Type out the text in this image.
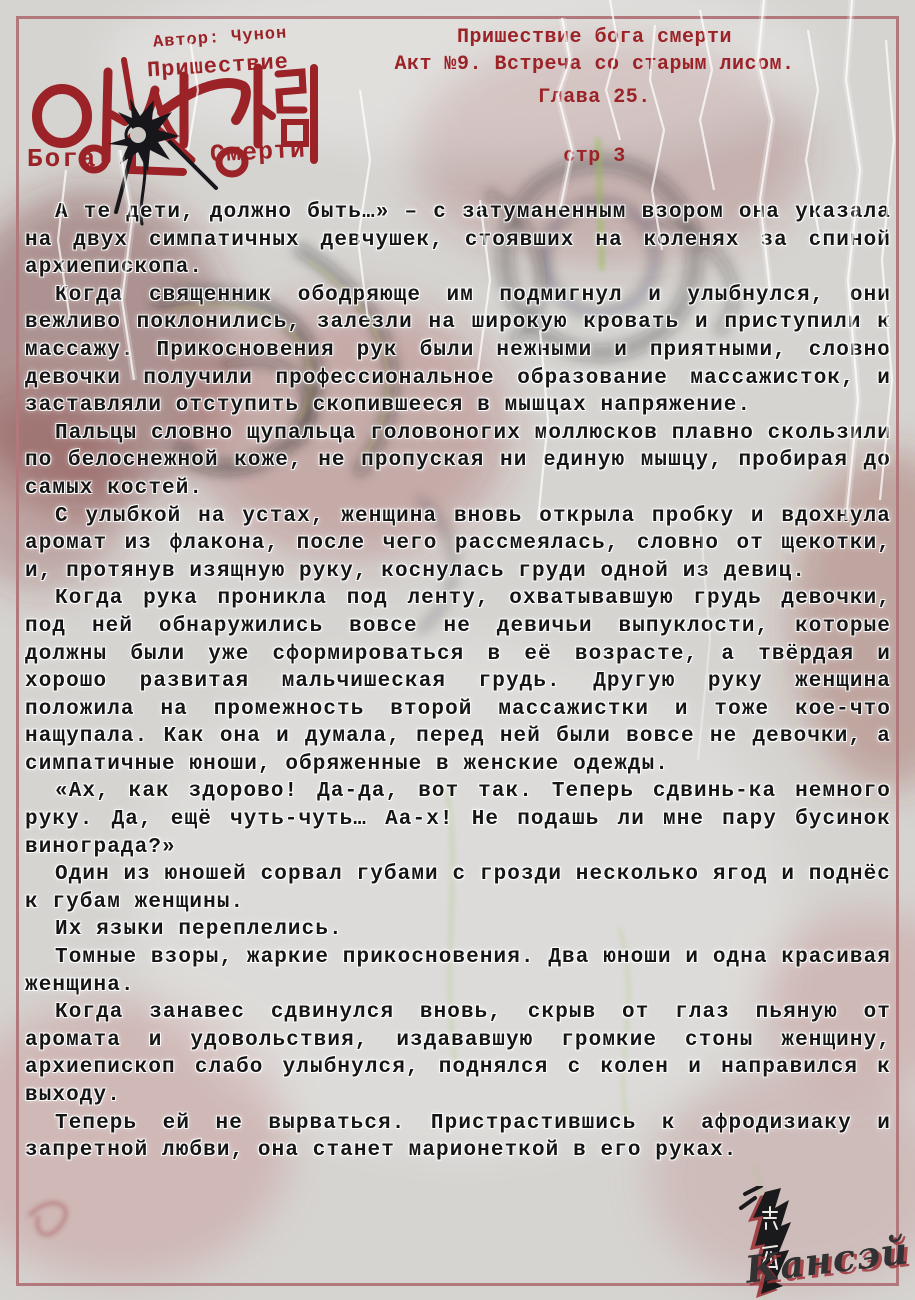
Автор: Чунон
Пришествие
Бога	Смерти
Пришествие бога смерти
Акт №9. Встреча со старым лисом.
Глава 25.
стр 3

А те дети, должно быть…» – с затуманенным взором она указала на двух симпатичных девчушек, стоявших на коленях за спиной архиепископа.

Когда священник ободряюще им подмигнул и улыбнулся, они вежливо поклонились, залезли на широкую кровать и приступили к массажу. Прикосновения рук были нежными и приятными, словно девочки получили профессиональное образование массажисток, и заставляли отступить скопившееся в мышцах напряжение.

Пальцы словно щупальца головоногих моллюсков плавно скользили по белоснежной коже, не пропуская ни единую мышцу, пробирая до самых костей.

С улыбкой на устах, женщина вновь открыла пробку и вдохнула аромат из флакона, после чего рассмеялась, словно от щекотки, и, протянув изящную руку, коснулась груди одной из девиц.

Когда рука проникла под ленту, охватывавшую грудь девочки, под ней обнаружились вовсе не девичьи выпуклости, которые должны были уже сформироваться в её возрасте, а твёрдая и хорошо развитая мальчишеская грудь. Другую руку женщина положила на промежность второй массажистки и тоже кое-что нащупала. Как она и думала, перед ней были вовсе не девочки, а симпатичные юноши, обряженные в женские одежды.

«Ах, как здорово! Да-да, вот так. Теперь сдвинь-ка немного руку. Да, ещё чуть-чуть… Аа-х! Не подашь ли мне пару бусинок винограда?»

Один из юношей сорвал губами с грозди несколько ягод и поднёс к губам женщины.

Их языки переплелись.

Томные взоры, жаркие прикосновения. Два юноши и одна красивая женщина.

Когда занавес сдвинулся вновь, скрыв от глаз пьяную от аромата и удовольствия, издававшую громкие стоны женщину, архиепископ слабо улыбнулся, поднялся с колен и направился к выходу.

Теперь ей не вырваться. Пристрастившись к афродизиаку и запретной любви, она станет марионеткой в его руках.

Кансэй
